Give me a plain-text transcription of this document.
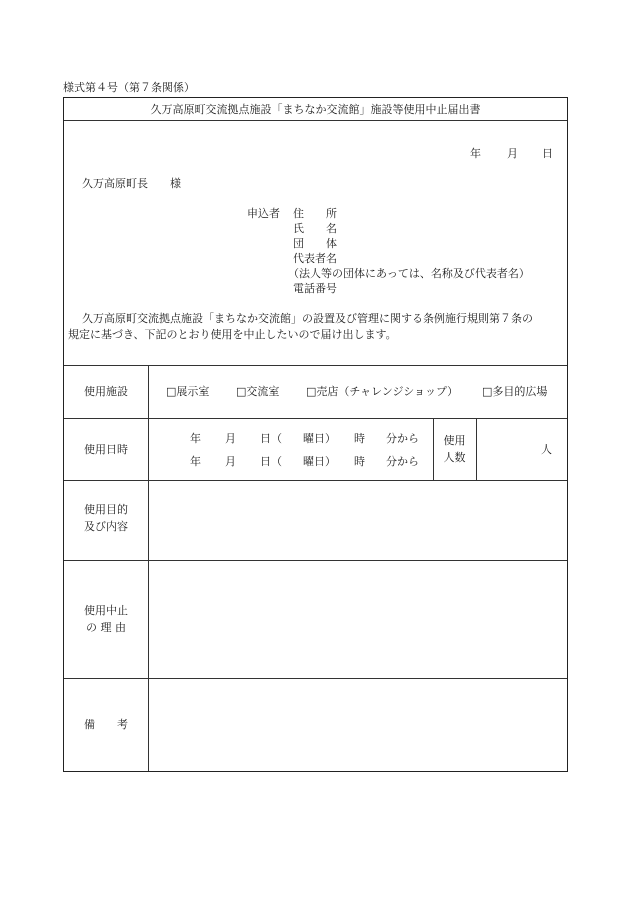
様式第４号（第７条関係）
久万高原町交流拠点施設「まちなか交流館」施設等使用中止届出書
年 月 日
久万高原町長　　様
申込者 住　　所
氏　　名
団　　体
代表者名
（法人等の団体にあっては、名称及び代表者名）
電話番号
久万高原町交流拠点施設「まちなか交流館」の設置及び管理に関する条例施行規則第７条の
規定に基づき、下記のとおり使用を中止したいので届け出します。
使用施設	□展示室 □交流室 □売店（チャレンジショップ） □多目的広場
使用日時
年 月 日（ 曜日） 時 分から
年 月 日（ 曜日） 時 分から
使用
人数
人
使用目的
及び内容
使用中止
の 理 由
備　　考
